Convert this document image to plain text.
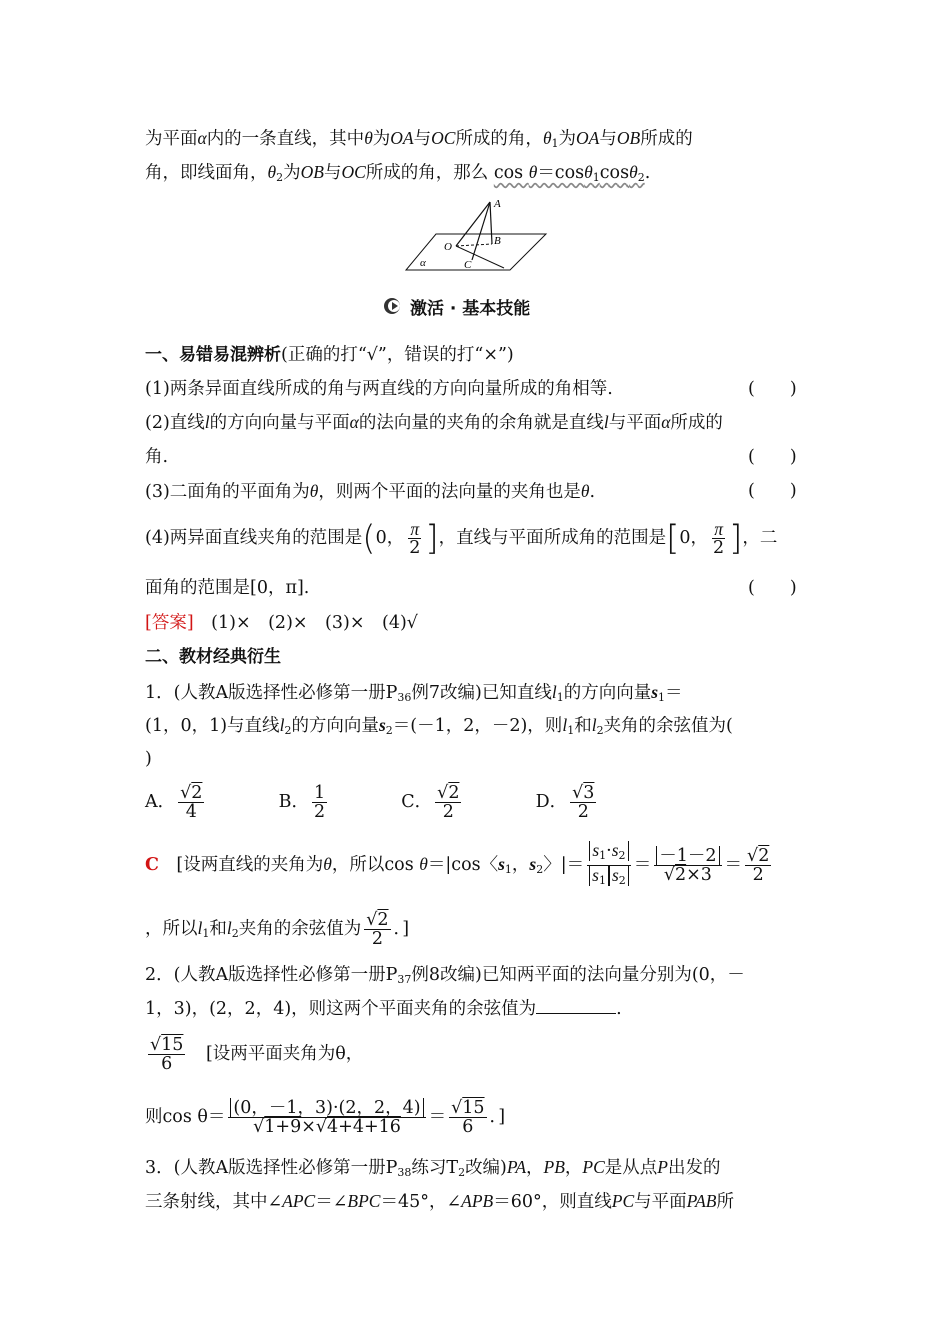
为平面α内的一条直线，其中θ为OA与OC所成的角，$\theta_1$为OA与OB所成的
角，即线面角，$\theta_2$为OB与OC所成的角，那么 cos θ＝cosθ$_1$cosθ$_2$.
A
B
O
C
α
激活 · 基本技能
一、易错易混辨析(正确的打“√”，错误的打“×”)
(1)两条异面直线所成的角与两直线的方向向量所成的角相等.	(　　)
(2)直线l的方向向量与平面α的法向量的夹角的余角就是直线l与平面α所成的
角.	(　　)
(3)二面角的平面角为θ，则两个平面的法向量的夹角也是θ.	(　　)
(4)两异面直线夹角的范围是(0， $\frac{\pi}{2}$ ]，直线与平面所成角的范围是[0， $\frac{\pi}{2}$ ]，二
面角的范围是[0，π].	(　　)
[答案]　 (1)×　(2)×　(3)×　(4)√
二、教材经典衍生
1．(人教A版选择性必修第一册$P_{36}$例7改编)已知直线$l_1$的方向向量$s_1=$
(1，0，1)与直线$l_2$的方向向量$s_2=(-1$，2，－2)，则$l_1$和$l_2$夹角的余弦值为(
)
A． $\frac{√2}{4}$	B． $\frac{1}{2}$	C． $\frac{√2}{2}$	D． $\frac{√3}{2}$
C　[设两直线的夹角为θ，所以cos θ＝|cos〈$s_1$，$s_2$〉|＝ $\frac{s_1\cdot s_2}{s_1 s_2} = \frac{-1-2}{√2\times 3} = \frac{√2}{2}$
，所以$l_1$和$l_2$夹角的余弦值为 $\frac{√2}{2}$ ．]
2．(人教A版选择性必修第一册$P_{37}$例8改编)已知两平面的法向量分别为(0，－
1，3)，(2，2，4)，则这两个平面夹角的余弦值为	.
$\frac{√15}{6}$
　 [设两平面夹角为θ，
则$\cos \theta= \frac{(0,-1,3)\cdot(2,2,4)}{√1+9\times√4+4+16} = \frac{√15}{6}$ ．]
3．(人教A版选择性必修第一册$P_{38}$练习$T_2$改编)PA，PB，PC是从点P出发的
三条射线，其中∠APC＝∠BPC＝45°，∠APB＝60°，则直线PC与平面PAB所
